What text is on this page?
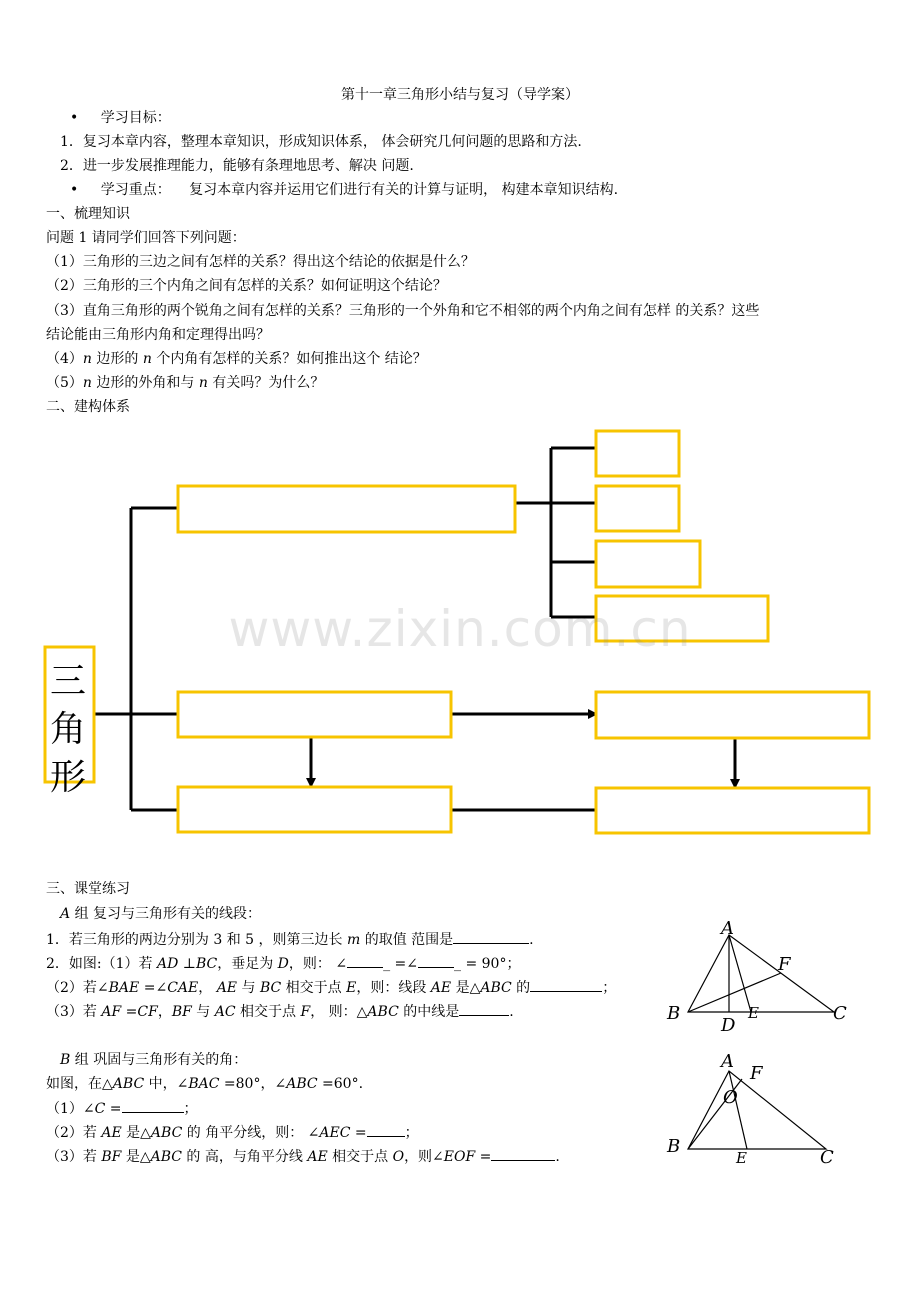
第十一章三角形小结与复习（导学案）
• 学习目标：
1．复习本章内容，整理本章知识，形成知识体系， 体会研究几何问题的思路和方法.
2．进一步发展推理能力，能够有条理地思考、解决 问题.
• 学习重点： 复习本章内容并运用它们进行有关的计算与证明， 构建本章知识结构.
一、梳理知识
问题 1 请同学们回答下列问题：
（1）三角形的三边之间有怎样的关系？得出这个结论的依据是什么？
（2）三角形的三个内角之间有怎样的关系？如何证明这个结论？
（3）直角三角形的两个锐角之间有怎样的关系？三角形的一个外角和它不相邻的两个内角之间有怎样 的关系？这些
结论能由三角形内角和定理得出吗？
（4）n 边形的 n 个内角有怎样的关系？如何推出这个 结论？
（5）n 边形的外角和与 n 有关吗？为什么？
二、建构体系
三
角
形
www.zixin.com.cn
三、课堂练习
A 组 复习与三角形有关的线段：
1．若三角形的两边分别为 3 和 5 ，则第三边长 m 的取值 范围是	.
2．如图:（1）若 AD ⊥BC，垂足为 D，则： ∠	_ =∠	_ = 90°；
（2）若∠BAE =∠CAE， AE 与 BC 相交于点 E，则：线段 AE 是△ABC 的	；
（3）若 AF =CF，BF 与 AC 相交于点 F， 则：△ABC 的中线是	.
B 组 巩固与三角形有关的角：
如图，在△ABC 中，∠BAC =80°，∠ABC =60°.
（1）∠C =	；
（2）若 AE 是△ABC 的 角平分线，则： ∠AEC =	；
（3）若 BF 是△ABC 的 高，与角平分线 AE 相交于点 O，则∠EOF =	.
A
B	C
D
E
F
A
F
O
B
E	C
